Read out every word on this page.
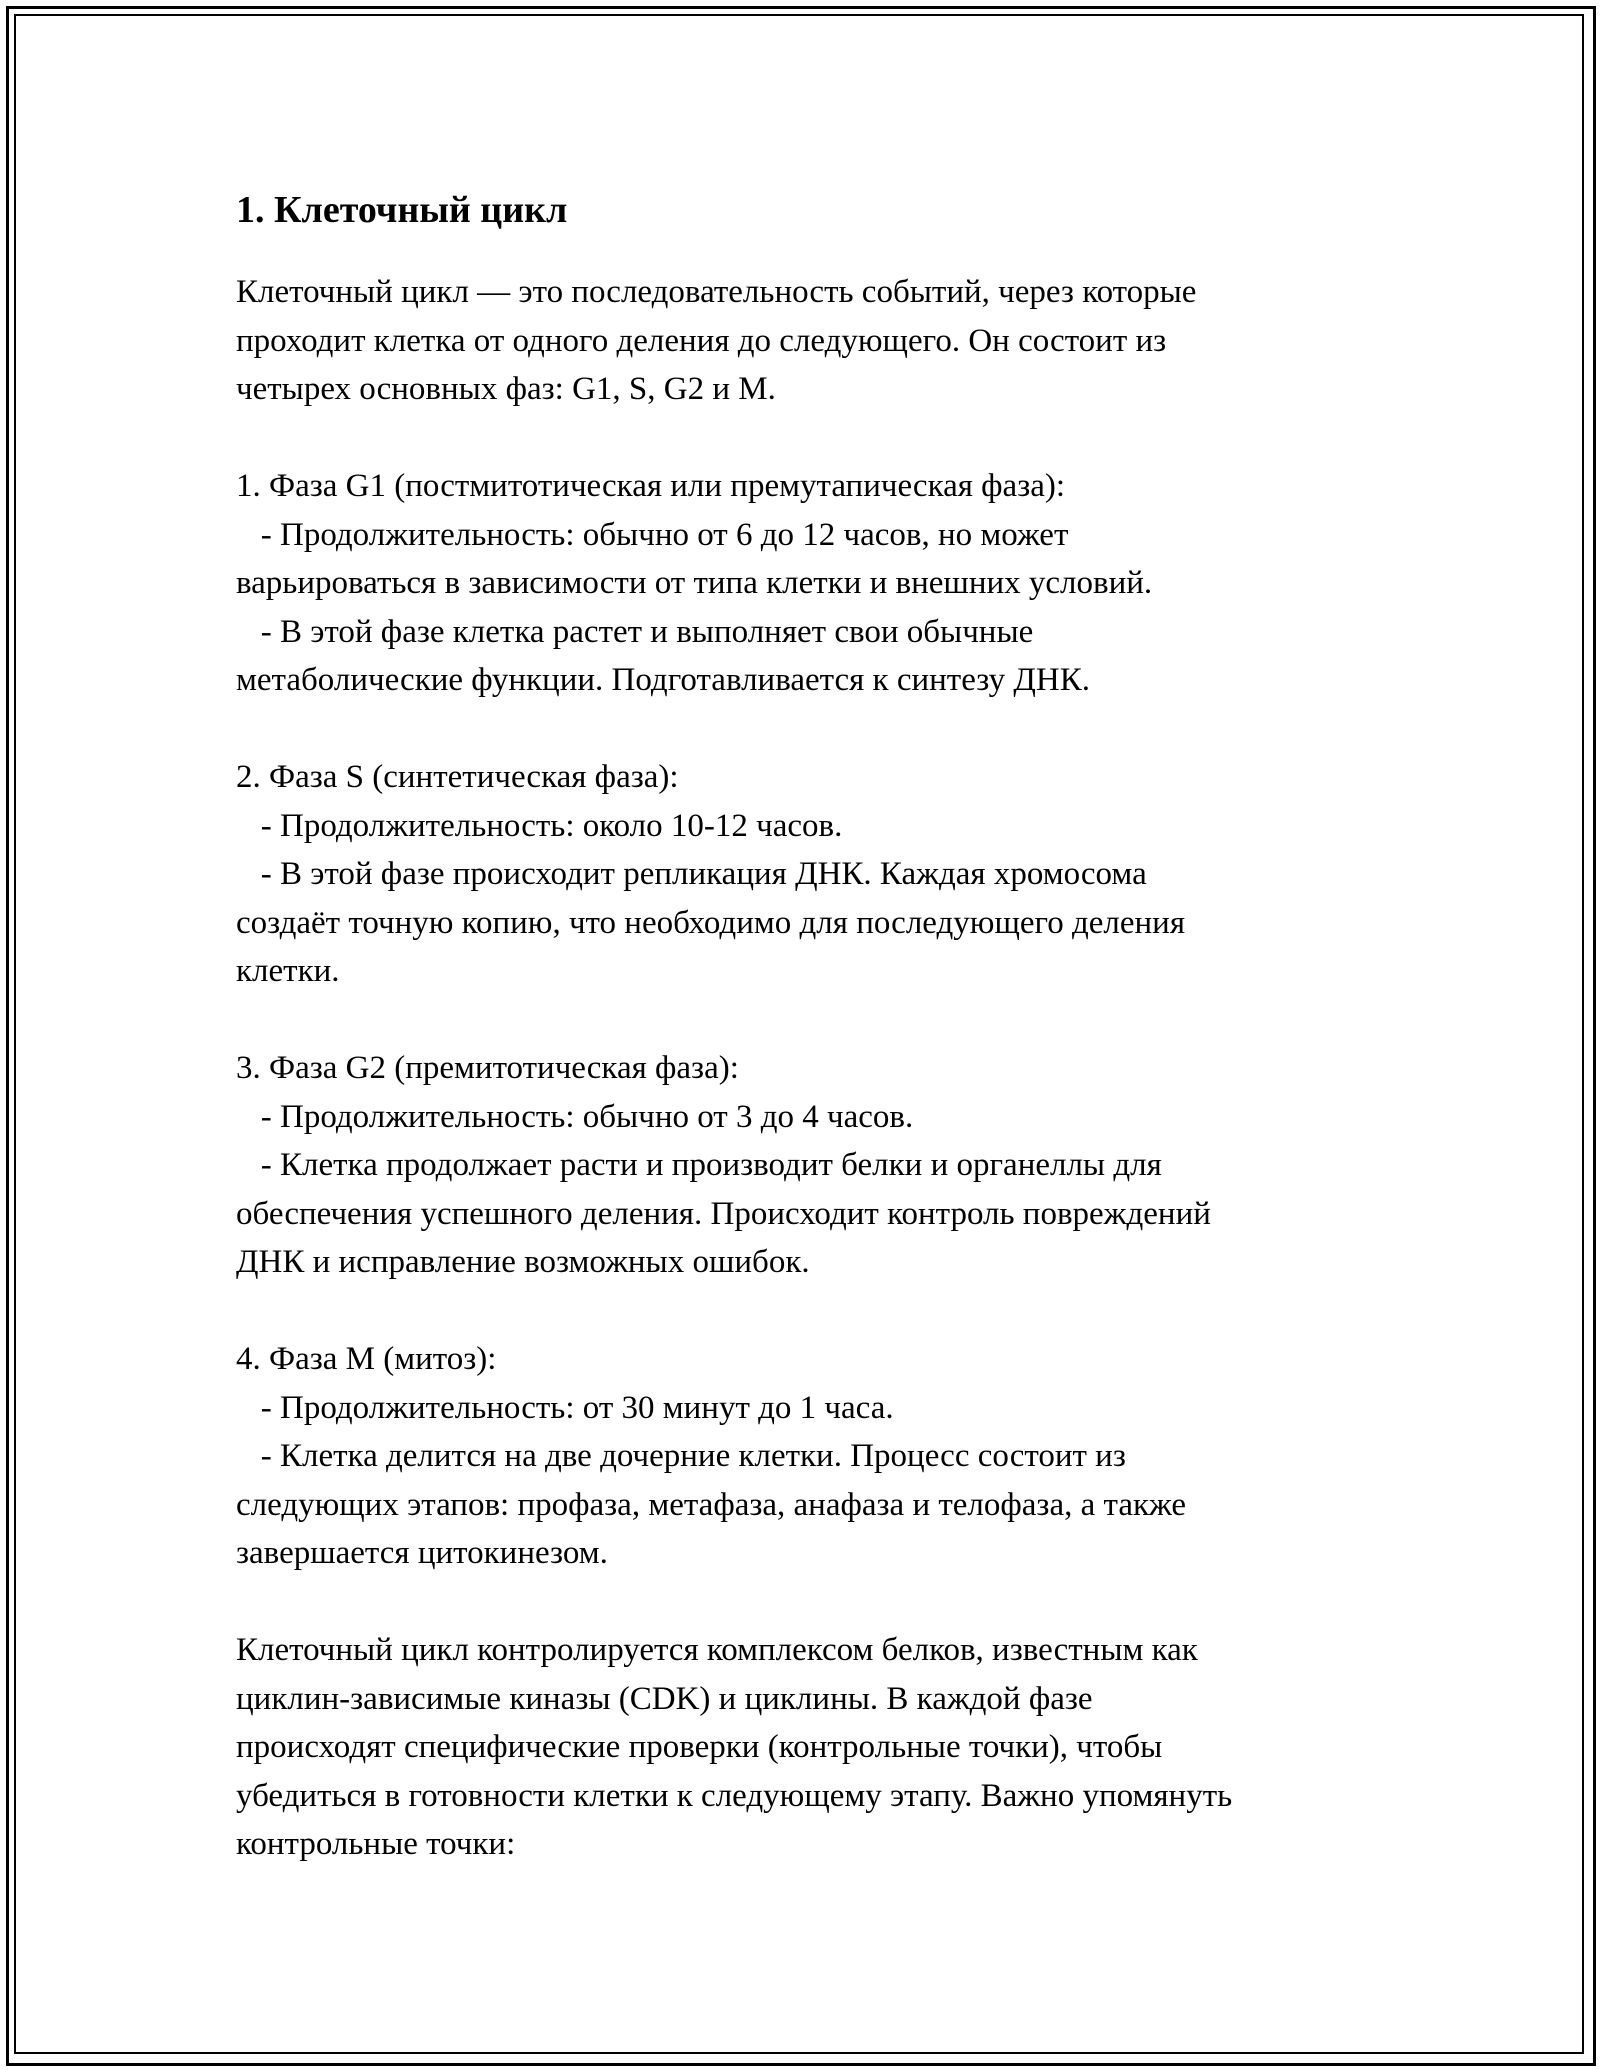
1. Клеточный цикл

Клеточный цикл — это последовательность событий, через которые
проходит клетка от одного деления до следующего. Он состоит из
четырех основных фаз: G1, S, G2 и M.

1. Фаза G1 (постмитотическая или премутапическая фаза):
- Продолжительность: обычно от 6 до 12 часов, но может
варьироваться в зависимости от типа клетки и внешних условий.
- В этой фазе клетка растет и выполняет свои обычные
метаболические функции. Подготавливается к синтезу ДНК.

2. Фаза S (синтетическая фаза):
- Продолжительность: около 10-12 часов.
- В этой фазе происходит репликация ДНК. Каждая хромосома
создаёт точную копию, что необходимо для последующего деления
клетки.

3. Фаза G2 (премитотическая фаза):
- Продолжительность: обычно от 3 до 4 часов.
- Клетка продолжает расти и производит белки и органеллы для
обеспечения успешного деления. Происходит контроль повреждений
ДНК и исправление возможных ошибок.

4. Фаза M (митоз):
- Продолжительность: от 30 минут до 1 часа.
- Клетка делится на две дочерние клетки. Процесс состоит из
следующих этапов: профаза, метафаза, анафаза и телофаза, а также
завершается цитокинезом.

Клеточный цикл контролируется комплексом белков, известным как
циклин-зависимые киназы (CDK) и циклины. В каждой фазе
происходят специфические проверки (контрольные точки), чтобы
убедиться в готовности клетки к следующему этапу. Важно упомянуть
контрольные точки:
